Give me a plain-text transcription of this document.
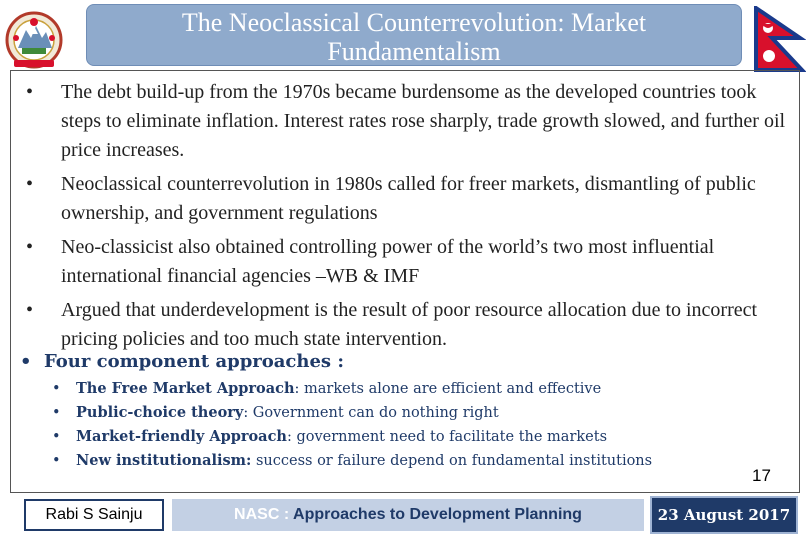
The Neoclassical Counterrevolution: Market
Fundamentalism
• The debt build-up from the 1970s became burdensome as the developed countries took steps to eliminate inflation. Interest rates rose sharply, trade growth slowed, and further oil price increases.
• Neoclassical counterrevolution in 1980s called for freer markets, dismantling of public ownership, and government regulations
• Neo-classicist also obtained controlling power of the world’s two most influential international financial agencies –WB & IMF
• Argued that underdevelopment is the result of poor resource allocation due to incorrect pricing policies and too much state intervention.
• Four component approaches :
• The Free Market Approach: markets alone are efficient and effective
• Public-choice theory: Government can do nothing right
• Market-friendly Approach: government need to facilitate the markets
• New institutionalism: success or failure depend on fundamental institutions
17
Rabi S Sainju	NASC : Approaches to Development Planning	23 August 2017
